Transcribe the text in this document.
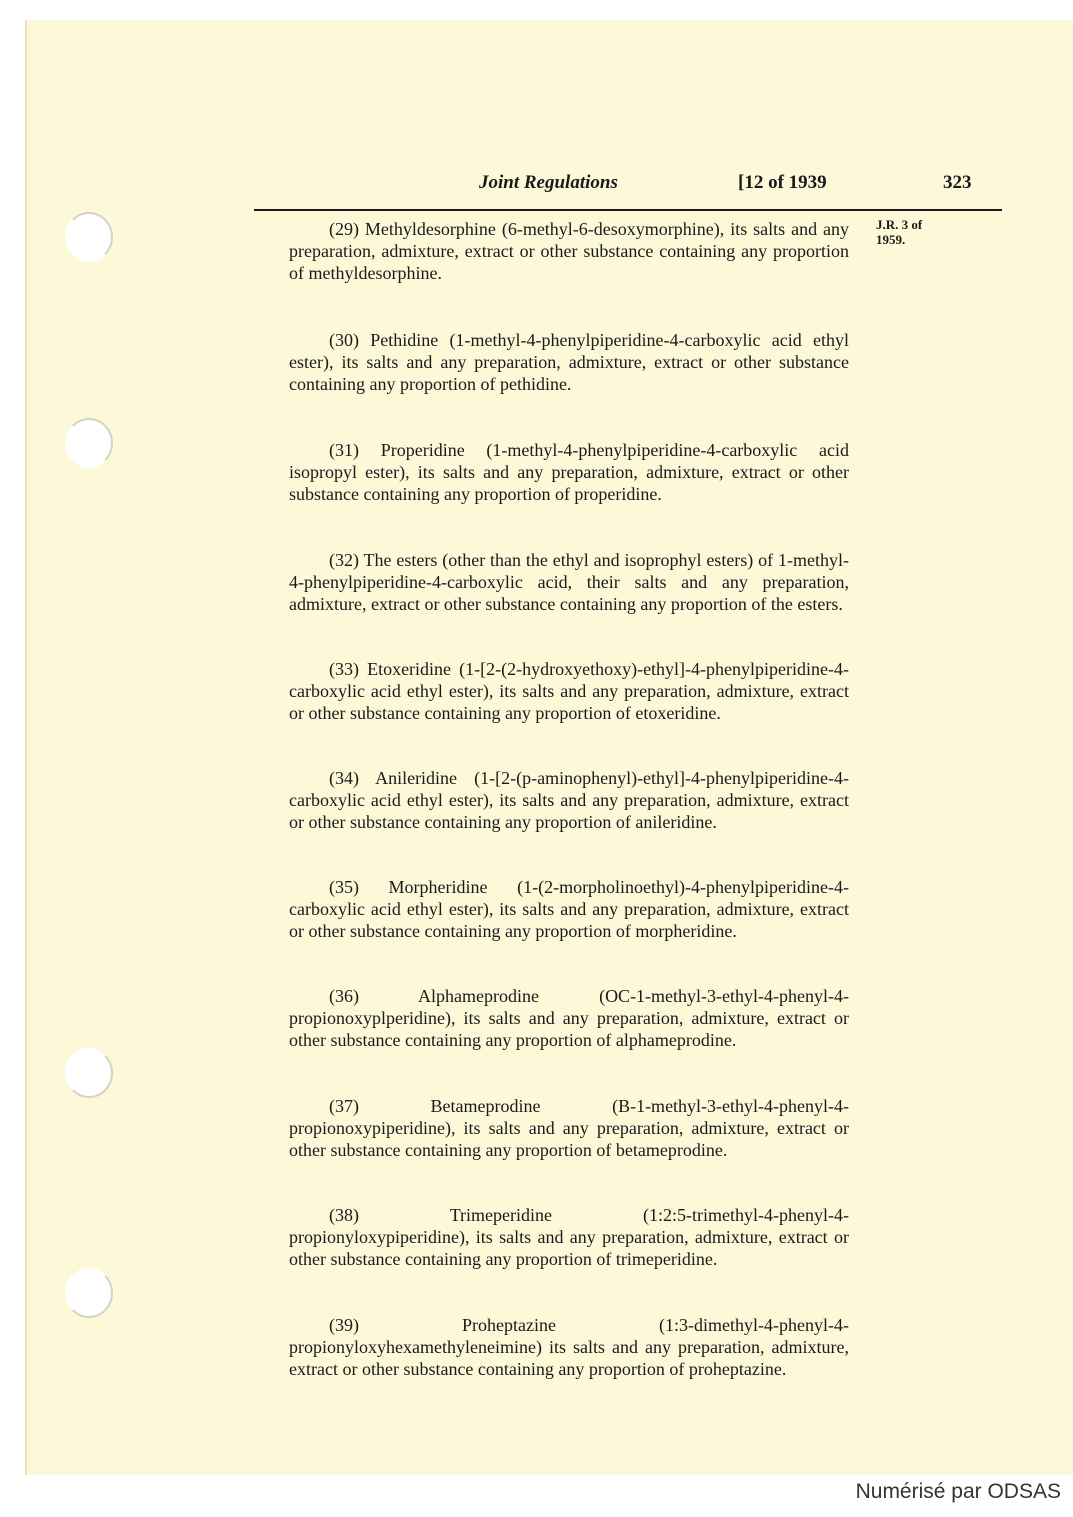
Joint Regulations	[12 of 1939	323
J.R. 3 of
1959.

(29) Methyldesorphine (6-methyl-6-desoxymorphine), its salts and any preparation, admixture, extract or other substance containing any proportion of methyldesorphine.

(30) Pethidine (1-methyl-4-phenylpiperidine-4-carboxylic acid ethyl ester), its salts and any preparation, admixture, extract or other substance containing any proportion of pethidine.

(31) Properidine (1-methyl-4-phenylpiperidine-4-carboxylic acid isopropyl ester), its salts and any preparation, admixture, extract or other substance containing any proportion of properidine.

(32) The esters (other than the ethyl and isoprophyl esters) of 1-methyl-4-phenylpiperidine-4-carboxylic acid, their salts and any preparation, admixture, extract or other substance containing any proportion of the esters.

(33) Etoxeridine (1-[2-(2-hydroxyethoxy)-ethyl]-4-phenylpiperidine-4-carboxylic acid ethyl ester), its salts and any preparation, admixture, extract or other substance containing any proportion of etoxeridine.

(34) Anileridine (1-[2-(p-aminophenyl)-ethyl]-4-phenylpiperidine-4-carboxylic acid ethyl ester), its salts and any preparation, admixture, extract or other substance containing any proportion of anileridine.

(35) Morpheridine (1-(2-morpholinoethyl)-4-phenylpiperidine-4-carboxylic acid ethyl ester), its salts and any preparation, admixture, extract or other substance containing any proportion of morpheridine.

(36) Alphameprodine (OC-1-methyl-3-ethyl-4-phenyl-4-propionoxyplperidine), its salts and any preparation, admixture, extract or other substance containing any proportion of alphameprodine.

(37) Betameprodine (B-1-methyl-3-ethyl-4-phenyl-4-propionoxypiperidine), its salts and any preparation, admixture, extract or other substance containing any proportion of betameprodine.

(38) Trimeperidine (1:2:5-trimethyl-4-phenyl-4-propionyloxypiperidine), its salts and any preparation, admixture, extract or other substance containing any proportion of trimeperidine.

(39) Proheptazine (1:3-dimethyl-4-phenyl-4-propionyloxyhexamethyleneimine) its salts and any preparation, admixture, extract or other substance containing any proportion of proheptazine.

Numérisé par ODSAS
